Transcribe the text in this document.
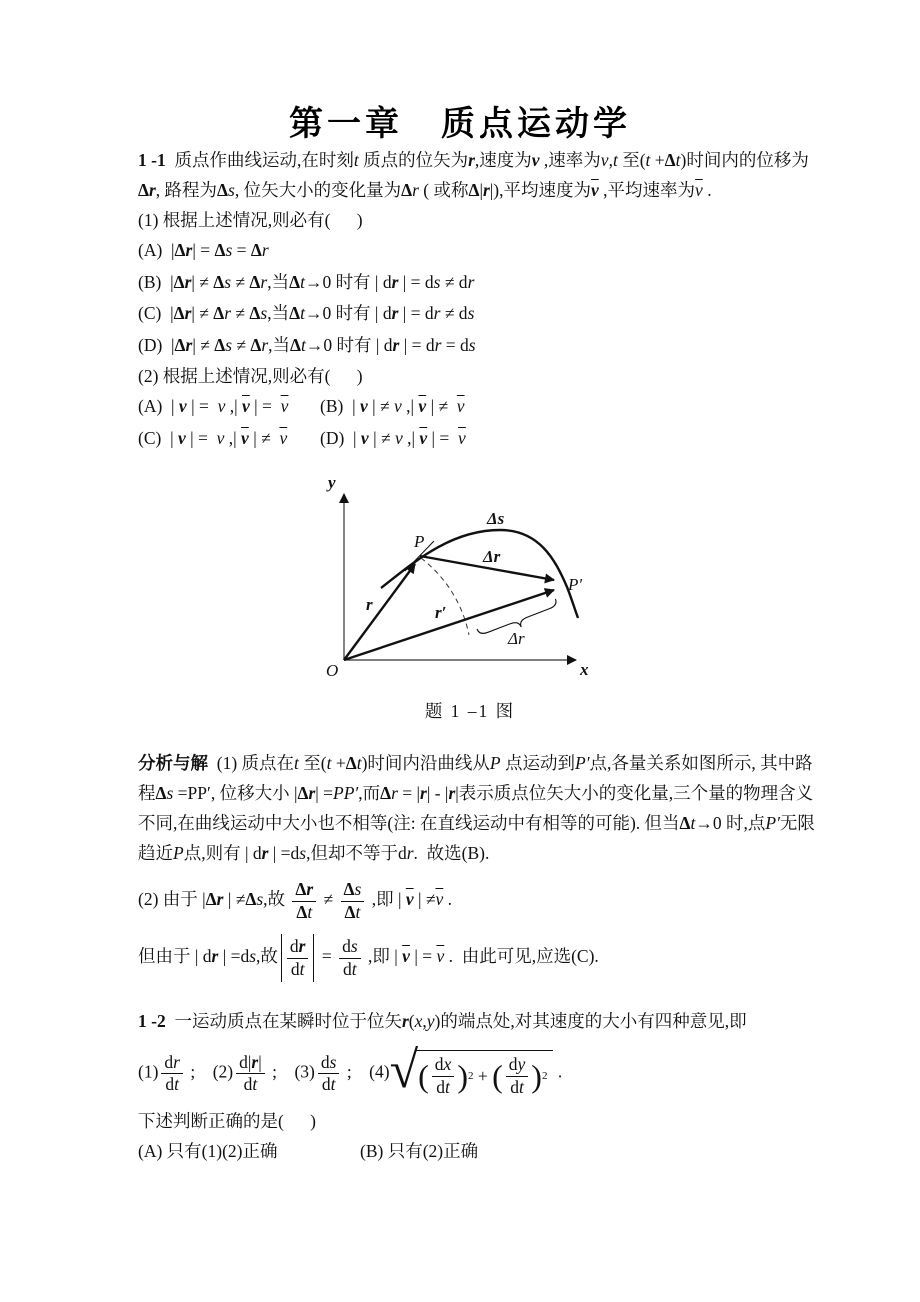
第一章　质点运动学

1 -1  质点作曲线运动,在时刻t 质点的位矢为r,速度为v ,速率为v,t 至(t +Δt)时间内的位移为Δr, 路程为Δs, 位矢大小的变化量为Δr ( 或称Δ|r|),平均速度为$\overline{v}$ ,平均速率为$\overline{v}$ .

(1) 根据上述情况,则必有(      )

(A)  |Δr| = Δs = Δr

(B)  |Δr| ≠ Δs ≠ Δr,当Δt→0 时有 | dr | = ds ≠ dr

(C)  |Δr| ≠ Δr ≠ Δs,当Δt→0 时有 | dr | = dr ≠ ds

(D)  |Δr| ≠ Δs ≠ Δr,当Δt→0 时有 | dr | = dr = ds

(2) 根据上述情况,则必有(      )

(A)  | v | =  v ,| $\overline{v}$ | =  $\overline{v}$	(B)  | v | ≠ v ,| $\overline{v}$ | ≠  $\overline{v}$
(C)  | v | =  v ,| $\overline{v}$ | ≠  $\overline{v}$	(D)  | v | ≠ v ,| $\overline{v}$ | =  $\overline{v}$
y
x
O
P
P′
Δs
Δr
r	r′
Δr
题 1 –1 图

分析与解  (1) 质点在t 至(t +Δt)时间内沿曲线从P 点运动到P′点,各量关系如图所示, 其中路程Δs =PP′, 位移大小 |Δr| =PP′,而Δr = |r| - |r|表示质点位矢大小的变化量,三个量的物理含义不同,在曲线运动中大小也不相等(注: 在直线运动中有相等的可能). 但当Δt→0 时,点P′无限趋近P点,则有 | dr | =ds,但却不等于dr.  故选(B).

(2) 由于 |Δr | ≠Δs,故 $\frac{\Delta r}{\Delta t} \ne \frac{\Delta s}{\Delta t}$ ,即 | $\overline{v}$ | $\ne\overline{v}$ .

但由于 | dr | =ds,故 $\frac{dr}{dt} = \frac{ds}{dt}$ ,即 | $\overline{v}$ | = $\overline{v}$ .  由此可见,应选(C).

1 -2  一运动质点在某瞬时位于位矢r(x,y)的端点处,对其速度的大小有四种意见,即

$(1) \frac{dr}{dt}$ ;    $(2) \frac{d|r|}{dt}$ ;    $(3) \frac{ds}{dt}$ ;    (4) √ ( $\frac{dx}{dt}$ ) 2 + ( $\frac{dy}{dt}$ ) 2 .

下述判断正确的是(      )

(A) 只有(1)(2)正确	(B) 只有(2)正确
